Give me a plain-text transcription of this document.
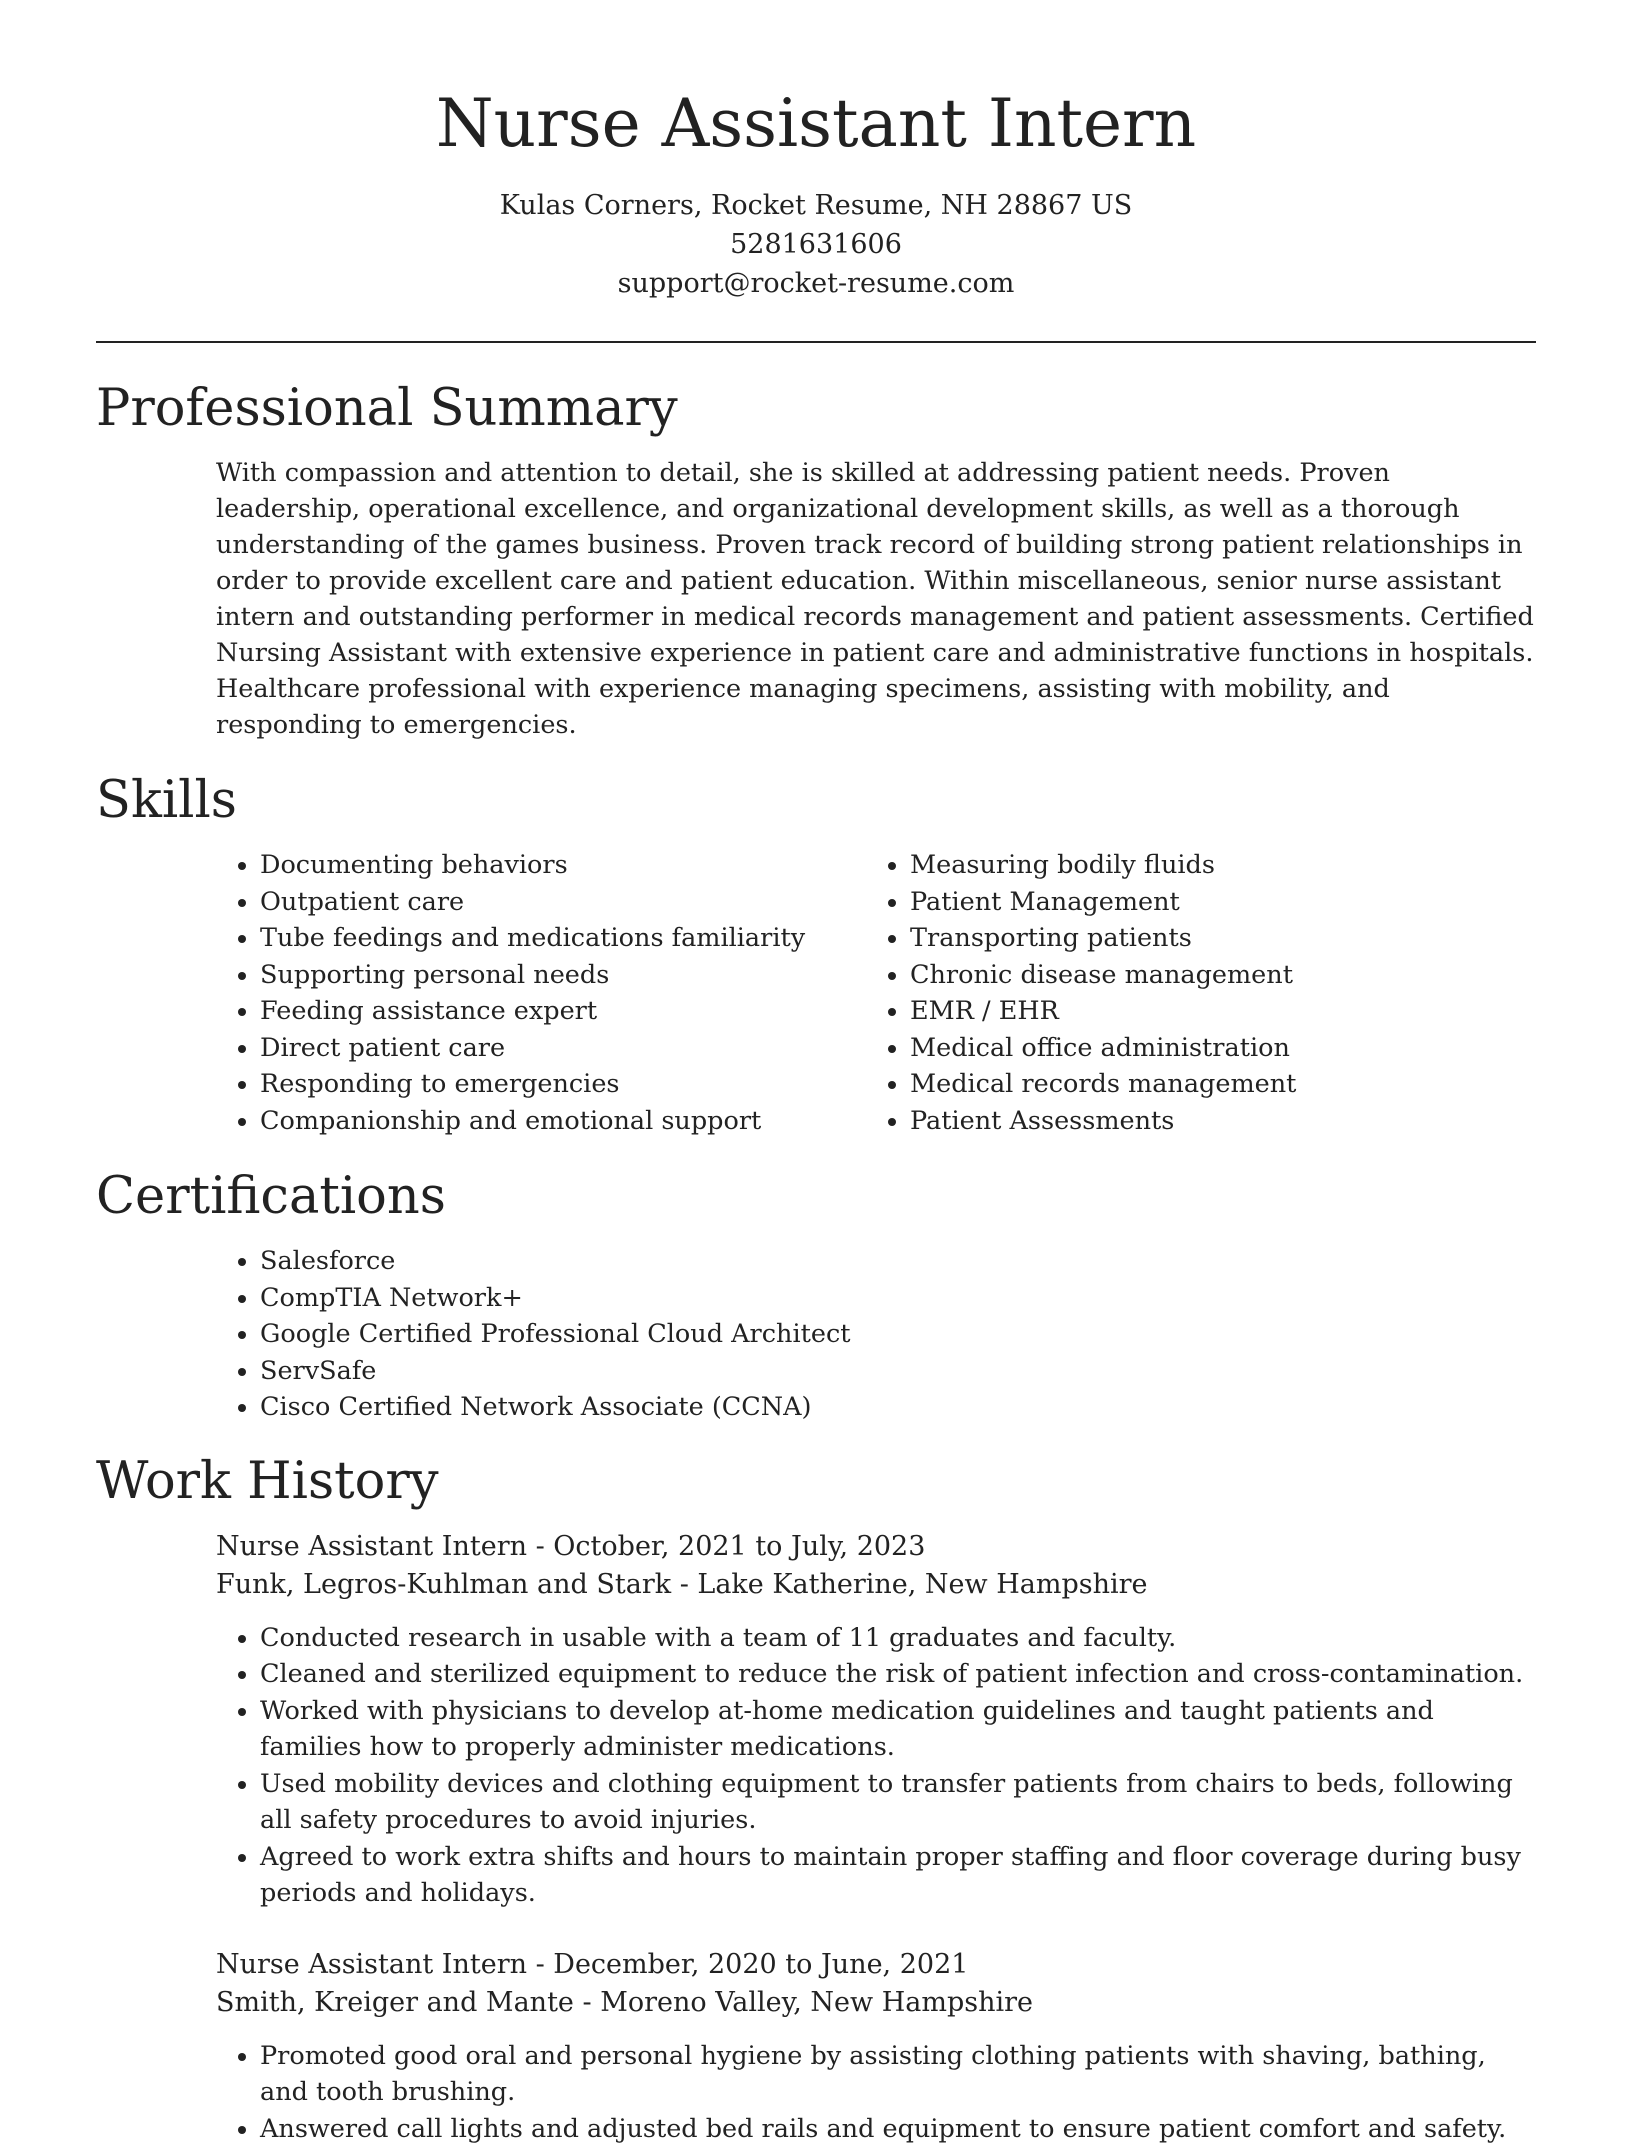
Nurse Assistant Intern

Kulas Corners, Rocket Resume, NH 28867 US

5281631606

support@rocket-resume.com

Professional Summary

With compassion and attention to detail, she is skilled at addressing patient needs. Proven leadership, operational excellence, and organizational development skills, as well as a thorough understanding of the games business. Proven track record of building strong patient relationships in order to provide excellent care and patient education. Within miscellaneous, senior nurse assistant intern and outstanding performer in medical records management and patient assessments. Certified Nursing Assistant with extensive experience in patient care and administrative functions in hospitals. Healthcare professional with experience managing specimens, assisting with mobility, and responding to emergencies.

Skills
• Documenting behaviors
• Outpatient care
• Tube feedings and medications familiarity
• Supporting personal needs
• Feeding assistance expert
• Direct patient care
• Responding to emergencies
• Companionship and emotional support
• Measuring bodily fluids
• Patient Management
• Transporting patients
• Chronic disease management
• EMR / EHR
• Medical office administration
• Medical records management
• Patient Assessments
Certifications
• Salesforce
• CompTIA Network+
• Google Certified Professional Cloud Architect
• ServSafe
• Cisco Certified Network Associate (CCNA)
Work History

Nurse Assistant Intern - October, 2021 to July, 2023

Funk, Legros-Kuhlman and Stark - Lake Katherine, New Hampshire

• Conducted research in usable with a team of 11 graduates and faculty.
• Cleaned and sterilized equipment to reduce the risk of patient infection and cross-contamination.
• Worked with physicians to develop at-home medication guidelines and taught patients and families how to properly administer medications.
• Used mobility devices and clothing equipment to transfer patients from chairs to beds, following all safety procedures to avoid injuries.
• Agreed to work extra shifts and hours to maintain proper staffing and floor coverage during busy periods and holidays.

Nurse Assistant Intern - December, 2020 to June, 2021

Smith, Kreiger and Mante - Moreno Valley, New Hampshire

• Promoted good oral and personal hygiene by assisting clothing patients with shaving, bathing, and tooth brushing.
• Answered call lights and adjusted bed rails and equipment to ensure patient comfort and safety.
